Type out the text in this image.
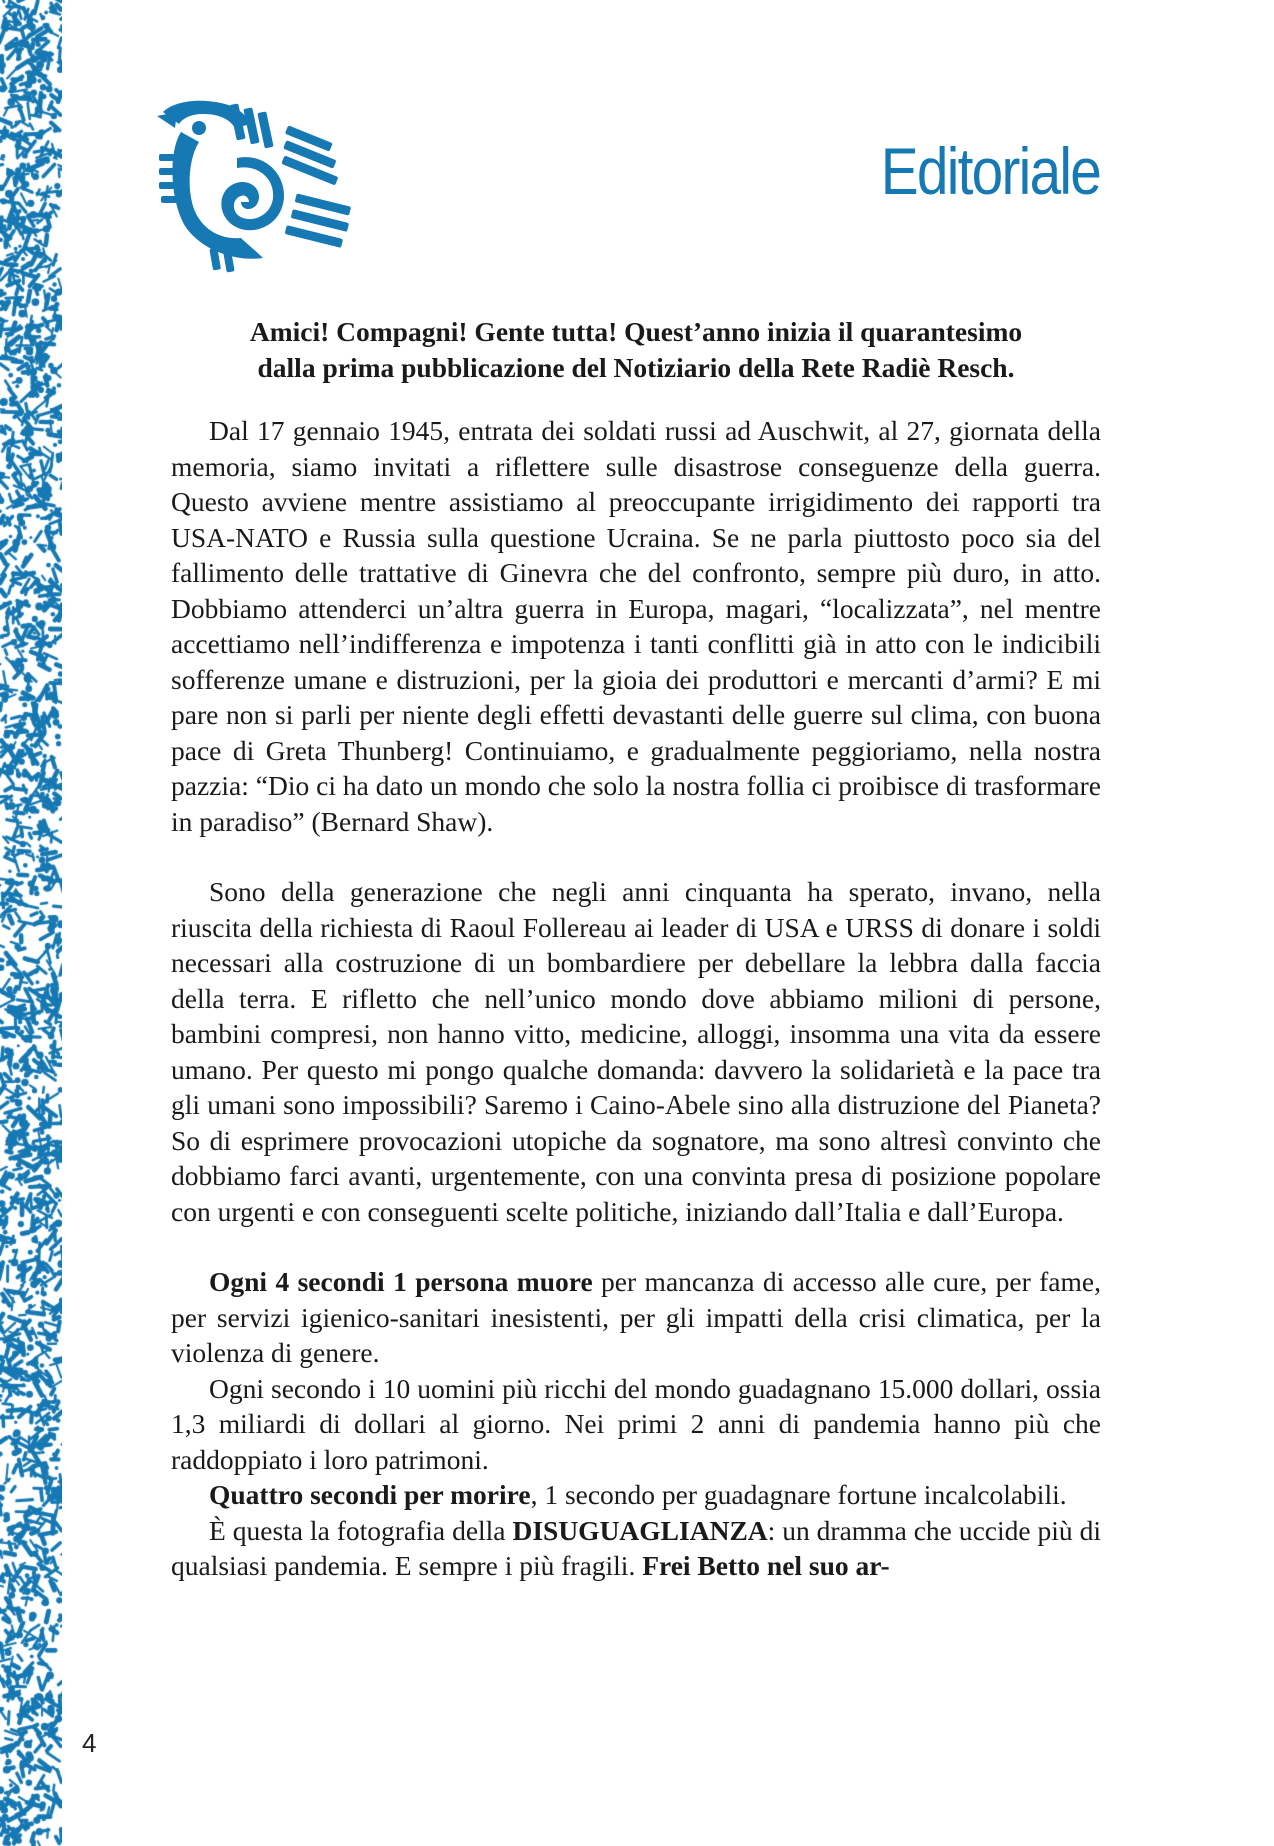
Editoriale

Amici! Compagni! Gente tutta! Quest’anno inizia il quarantesimo
dalla prima pubblicazione del Notiziario della Rete Radiè Resch.

Dal 17 gennaio 1945, entrata dei soldati russi ad Auschwit, al 27, giornata della memoria, siamo invitati a riflettere sulle disastrose conseguenze della guerra. Questo avviene mentre assistiamo al preoccupante irrigidimento dei rapporti tra USA-NATO e Russia sulla questione Ucraina. Se ne parla piuttosto poco sia del fallimento delle trattative di Ginevra che del confronto, sempre più duro, in atto. Dobbiamo attenderci un’altra guerra in Europa, magari, “localizzata”, nel mentre accettiamo nell’indifferenza e impotenza i tanti conflitti già in atto con le indicibili sofferenze umane e distruzioni, per la gioia dei produttori e mercanti d’armi? E mi pare non si parli per niente degli effetti devastanti delle guerre sul clima, con buona pace di Greta Thunberg! Continuiamo, e gradualmente peggioriamo, nella nostra pazzia: “Dio ci ha dato un mondo che solo la nostra follia ci proibisce di trasformare in paradiso” (Bernard Shaw).

Sono della generazione che negli anni cinquanta ha sperato, invano, nella riuscita della richiesta di Raoul Follereau ai leader di USA e URSS di donare i soldi necessari alla costruzione di un bombardiere per debellare la lebbra dalla faccia della terra. E rifletto che nell’unico mondo dove abbiamo milioni di persone, bambini compresi, non hanno vitto, medicine, alloggi, insomma una vita da essere umano. Per questo mi pongo qualche domanda: davvero la solidarietà e la pace tra gli umani sono impossibili? Saremo i Caino-Abele sino alla distruzione del Pianeta? So di esprimere provocazioni utopiche da sognatore, ma sono altresì convinto che dobbiamo farci avanti, urgentemente, con una convinta presa di posizione popolare con urgenti e con conseguenti scelte politiche, iniziando dall’Italia e dall’Europa.

Ogni 4 secondi 1 persona muore per mancanza di accesso alle cure, per fame, per servizi igienico-sanitari inesistenti, per gli impatti della crisi climatica, per la violenza di genere.

Ogni secondo i 10 uomini più ricchi del mondo guadagnano 15.000 dollari, ossia 1,3 miliardi di dollari al giorno. Nei primi 2 anni di pandemia hanno più che raddoppiato i loro patrimoni.

Quattro secondi per morire, 1 secondo per guadagnare fortune incalcolabili.

È questa la fotografia della DISUGUAGLIANZA: un dramma che uccide più di qualsiasi pandemia. E sempre i più fragili. Frei Betto nel suo ar-

4
